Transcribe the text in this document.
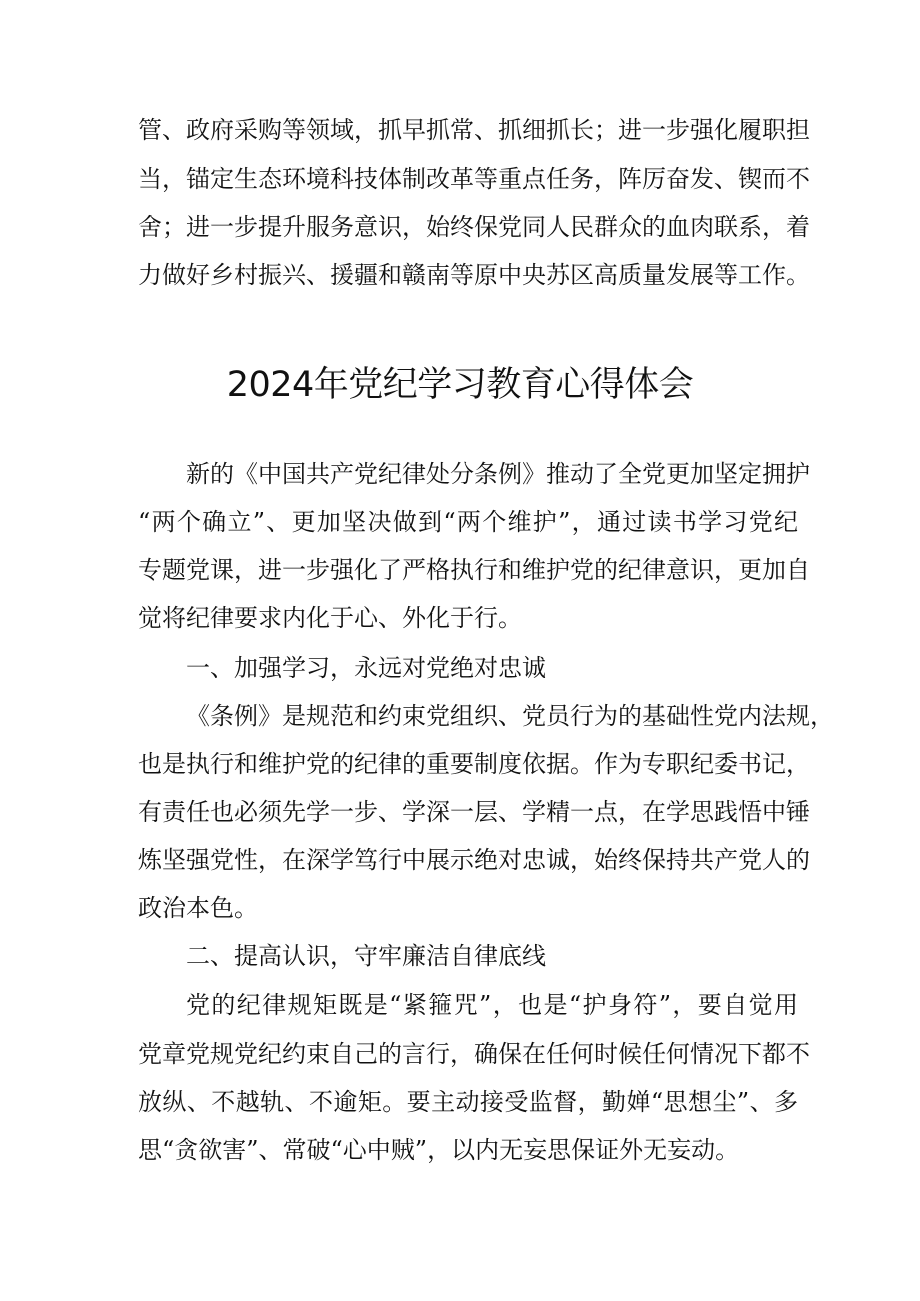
管、政府采购等领域，抓早抓常、抓细抓长；进一步强化履职担
当，锚定生态环境科技体制改革等重点任务，阵厉奋发、锲而不
舍；进一步提升服务意识，始终保党同人民群众的血肉联系，着
力做好乡村振兴、援疆和赣南等原中央苏区高质量发展等工作。
2024年党纪学习教育心得体会
新的《中国共产党纪律处分条例》推动了全党更加坚定拥护
“两个确立”、更加坚决做到“两个维护”，通过读书学习党纪
专题党课，进一步强化了严格执行和维护党的纪律意识，更加自
觉将纪律要求内化于心、外化于行。
一、加强学习，永远对党绝对忠诚
《条例》是规范和约束党组织、党员行为的基础性党内法规，
也是执行和维护党的纪律的重要制度依据。作为专职纪委书记，
有责任也必须先学一步、学深一层、学精一点，在学思践悟中锤
炼坚强党性，在深学笃行中展示绝对忠诚，始终保持共产党人的
政治本色。
二、提高认识，守牢廉洁自律底线
党的纪律规矩既是“紧箍咒”，也是“护身符”，要自觉用
党章党规党纪约束自己的言行，确保在任何时候任何情况下都不
放纵、不越轨、不逾矩。要主动接受监督，勤婵“思想尘”、多
思“贪欲害”、常破“心中贼”，以内无妄思保证外无妄动。
